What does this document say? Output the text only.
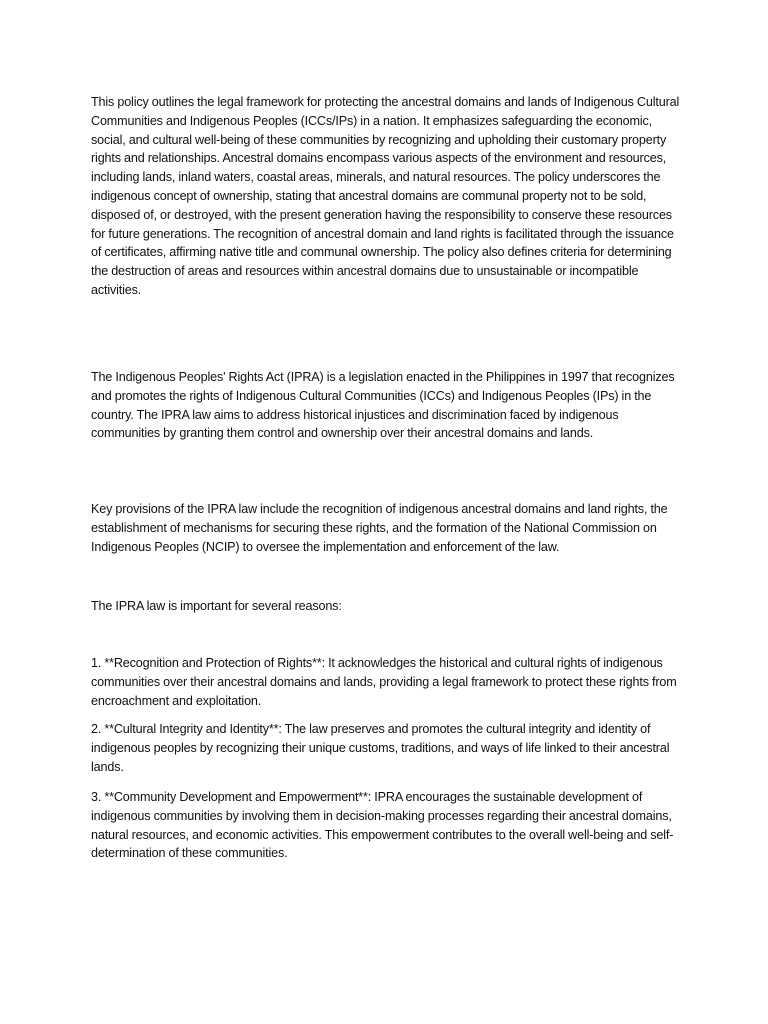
This policy outlines the legal framework for protecting the ancestral domains and lands of Indigenous Cultural Communities and Indigenous Peoples (ICCs/IPs) in a nation. It emphasizes safeguarding the economic, social, and cultural well-being of these communities by recognizing and upholding their customary property rights and relationships. Ancestral domains encompass various aspects of the environment and resources, including lands, inland waters, coastal areas, minerals, and natural resources. The policy underscores the indigenous concept of ownership, stating that ancestral domains are communal property not to be sold, disposed of, or destroyed, with the present generation having the responsibility to conserve these resources for future generations. The recognition of ancestral domain and land rights is facilitated through the issuance of certificates, affirming native title and communal ownership. The policy also defines criteria for determining the destruction of areas and resources within ancestral domains due to unsustainable or incompatible activities.

The Indigenous Peoples' Rights Act (IPRA) is a legislation enacted in the Philippines in 1997 that recognizes and promotes the rights of Indigenous Cultural Communities (ICCs) and Indigenous Peoples (IPs) in the country. The IPRA law aims to address historical injustices and discrimination faced by indigenous communities by granting them control and ownership over their ancestral domains and lands.

Key provisions of the IPRA law include the recognition of indigenous ancestral domains and land rights, the establishment of mechanisms for securing these rights, and the formation of the National Commission on Indigenous Peoples (NCIP) to oversee the implementation and enforcement of the law.

The IPRA law is important for several reasons:

1. **Recognition and Protection of Rights**: It acknowledges the historical and cultural rights of indigenous communities over their ancestral domains and lands, providing a legal framework to protect these rights from encroachment and exploitation.

2. **Cultural Integrity and Identity**: The law preserves and promotes the cultural integrity and identity of indigenous peoples by recognizing their unique customs, traditions, and ways of life linked to their ancestral lands.

3. **Community Development and Empowerment**: IPRA encourages the sustainable development of indigenous communities by involving them in decision-making processes regarding their ancestral domains, natural resources, and economic activities. This empowerment contributes to the overall well-being and self-determination of these communities.
